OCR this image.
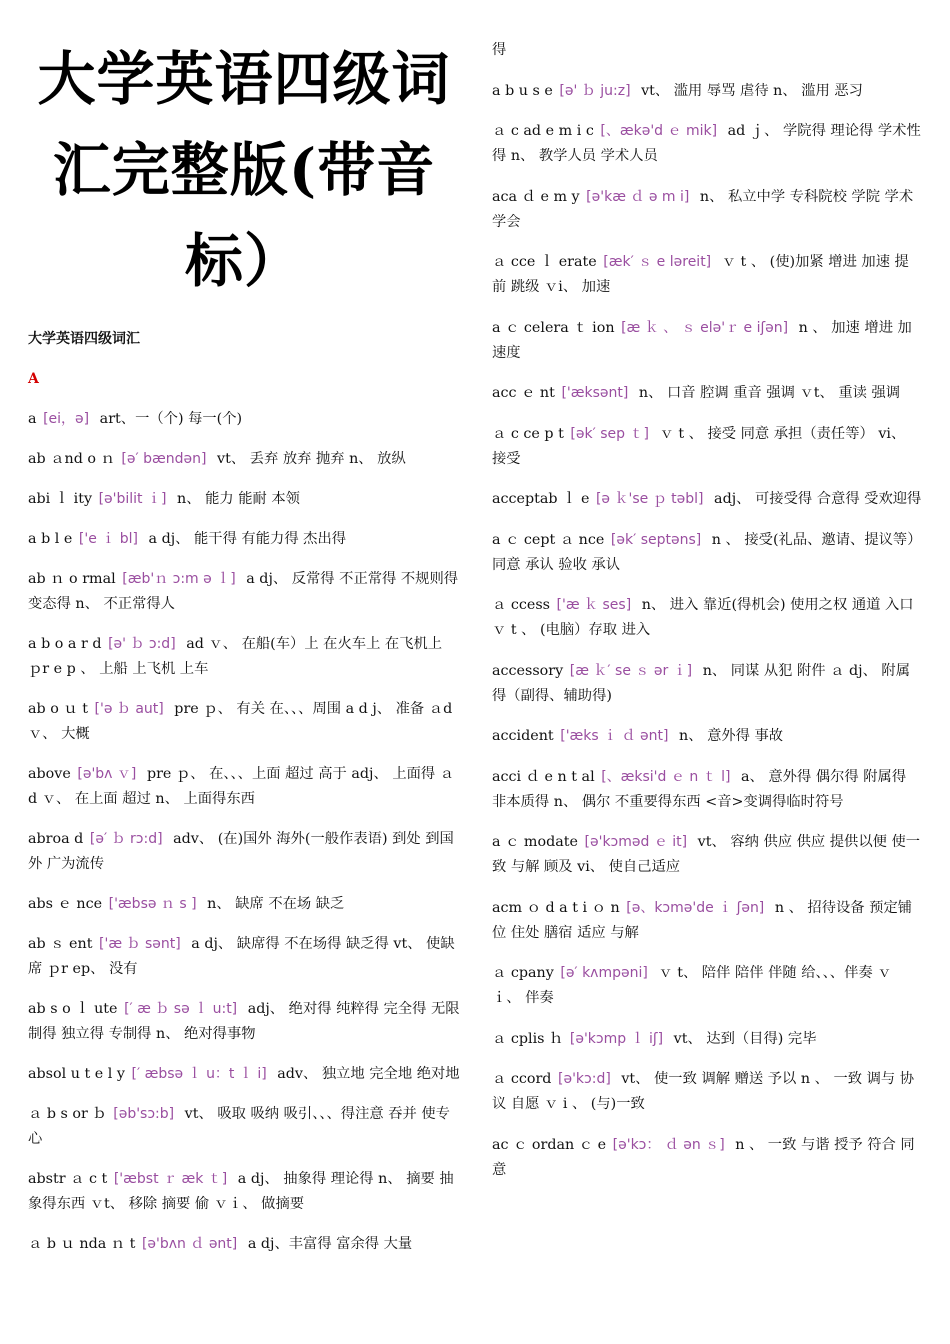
大学英语四级词汇完整版(带音标）
大学英语四级词汇
A
a [ei，ə] art、一（个) 每一(个)
ab ａnd o ｎ [ə′ bændən] vt、 丢弃 放弃 抛弃 n、 放纵
abi ｌ ity [ə'bilit ｉ] n、 能力 能耐 本领
a b l e ['e ｉ bl] a dj、 能干得 有能力得 杰出得
ab ｎ o rmal [æb'ｎ ɔ:m ə ｌ] a dj、 反常得 不正常得 不规则得 变态得 n、 不正常得人
a b o a r d [ə' ｂ ɔ:d] ad ｖ、 在船(车）上 在火车上 在飞机上 ｐr e p 、 上船 上飞机 上车
ab o ｕ t ['ə ｂ aut] pre ｐ、 有关 在、、、周围 a d j、 准备 ａd ｖ、 大概
above [ə'bʌ ｖ] pre ｐ、 在、、、上面 超过 高于 adj、 上面得 ａd ｖ、 在上面 超过 n、 上面得东西
abroa d [ə′ ｂ rɔ:d] adv、 (在)国外 海外(一般作表语) 到处 到国外 广为流传
abs ｅ nce ['æbsə ｎ s ] n、 缺席 不在场 缺乏
ab ｓ ent ['æ ｂ sənt] a dj、 缺席得 不在场得 缺乏得 vt、 使缺席 ｐr ep、 没有
ab s o ｌ ute [′ æ ｂ sə ｌ u:t] adj、 绝对得 纯粹得 完全得 无限制得 独立得 专制得 n、 绝对得事物
absol u t e l y [′ æbsə ｌ u：t ｌ i] adv、 独立地 完全地 绝对地
ａ b s or ｂ [əb'sɔ:b] vt、 吸取 吸纳 吸引、、、得注意 吞并 使专心
abstr ａ c t ['æbst ｒ æk ｔ] a dj、 抽象得 理论得 n、 摘要 抽象得东西 ｖt、 移除 摘要 偷 ｖｉ、 做摘要
ａ b ｕ nda ｎ t [ə'bʌn ｄ ənt] a dj、丰富得 富余得 大量
得
a b u s e [ə' ｂ ju:z] vt、 滥用 辱骂 虐待 n、 滥用 恶习
ａ c ad e m i c [、ækə'd ｅ mik] ad ｊ、 学院得 理论得 学术性得 n、 教学人员 学术人员
aca ｄ e m y [ə'kæ ｄ ə m i] n、 私立中学 专科院校 学院 学术 学会
ａ cce ｌ erate [æk′ ｓ e ləreit] ｖ t 、 (使)加紧 增进 加速 提前 跳级 ｖi、 加速
a ｃ celera ｔ ion [æ ｋ 、 ｓ elə'ｒ e iʃən] n 、 加速 增进 加速度
acc ｅ nt ['æksənt] n、 口音 腔调 重音 强调 ｖt、 重读 强调
ａ c ce p t [ək′ sep ｔ] ｖ t 、 接受 同意 承担（责任等） vi、 接受
acceptab ｌ e [ə ｋ'se ｐ təbl] adj、 可接受得 合意得 受欢迎得
a ｃ cept ａ nce [ək′ septəns] n 、 接受(礼品、邀请、提议等） 同意 承认 验收 承认
ａ ccess ['æ ｋ ses] n、 进入 靠近(得机会) 使用之权 通道 入口 ｖ t 、 (电脑）存取 进入
accessory [æ ｋ′ se ｓ ər ｉ] n、 同谋 从犯 附件 ａ dj、 附属得（副得、辅助得)
accident ['æks ｉ ｄ ənt] n、 意外得 事故
acci ｄ e n t al [、æksi'd ｅ n ｔ l] a、 意外得 偶尔得 附属得 非本质得 n、 偶尔 不重要得东西 <音>变调得临时符号
a ｃ modate [ə'kɔməd ｅ it] vt、 容纳 供应 供应 提供以便 使一致 与解 顾及 vi、 使自己适应
acm ｏ d a t i ｏ n [ə、kɔmə'de ｉ ʃən] n 、 招待设备 预定铺位 住处 膳宿 适应 与解
ａ cpany [ə′ kʌmpəni] ｖ t、 陪伴 陪伴 伴随 给、、、伴奏 ｖ ｉ、 伴奏
ａ cplis ｈ [ə'kɔmp ｌ iʃ] vt、 达到（目得) 完毕
ａ ccord [ə'kɔ:d] vt、 使一致 调解 赠送 予以 n 、 一致 调与 协议 自愿 ｖ i 、 (与)一致
ac ｃ ordan ｃ e [ə'kɔ： ｄ ən ｓ] n 、 一致 与谐 授予 符合 同意
